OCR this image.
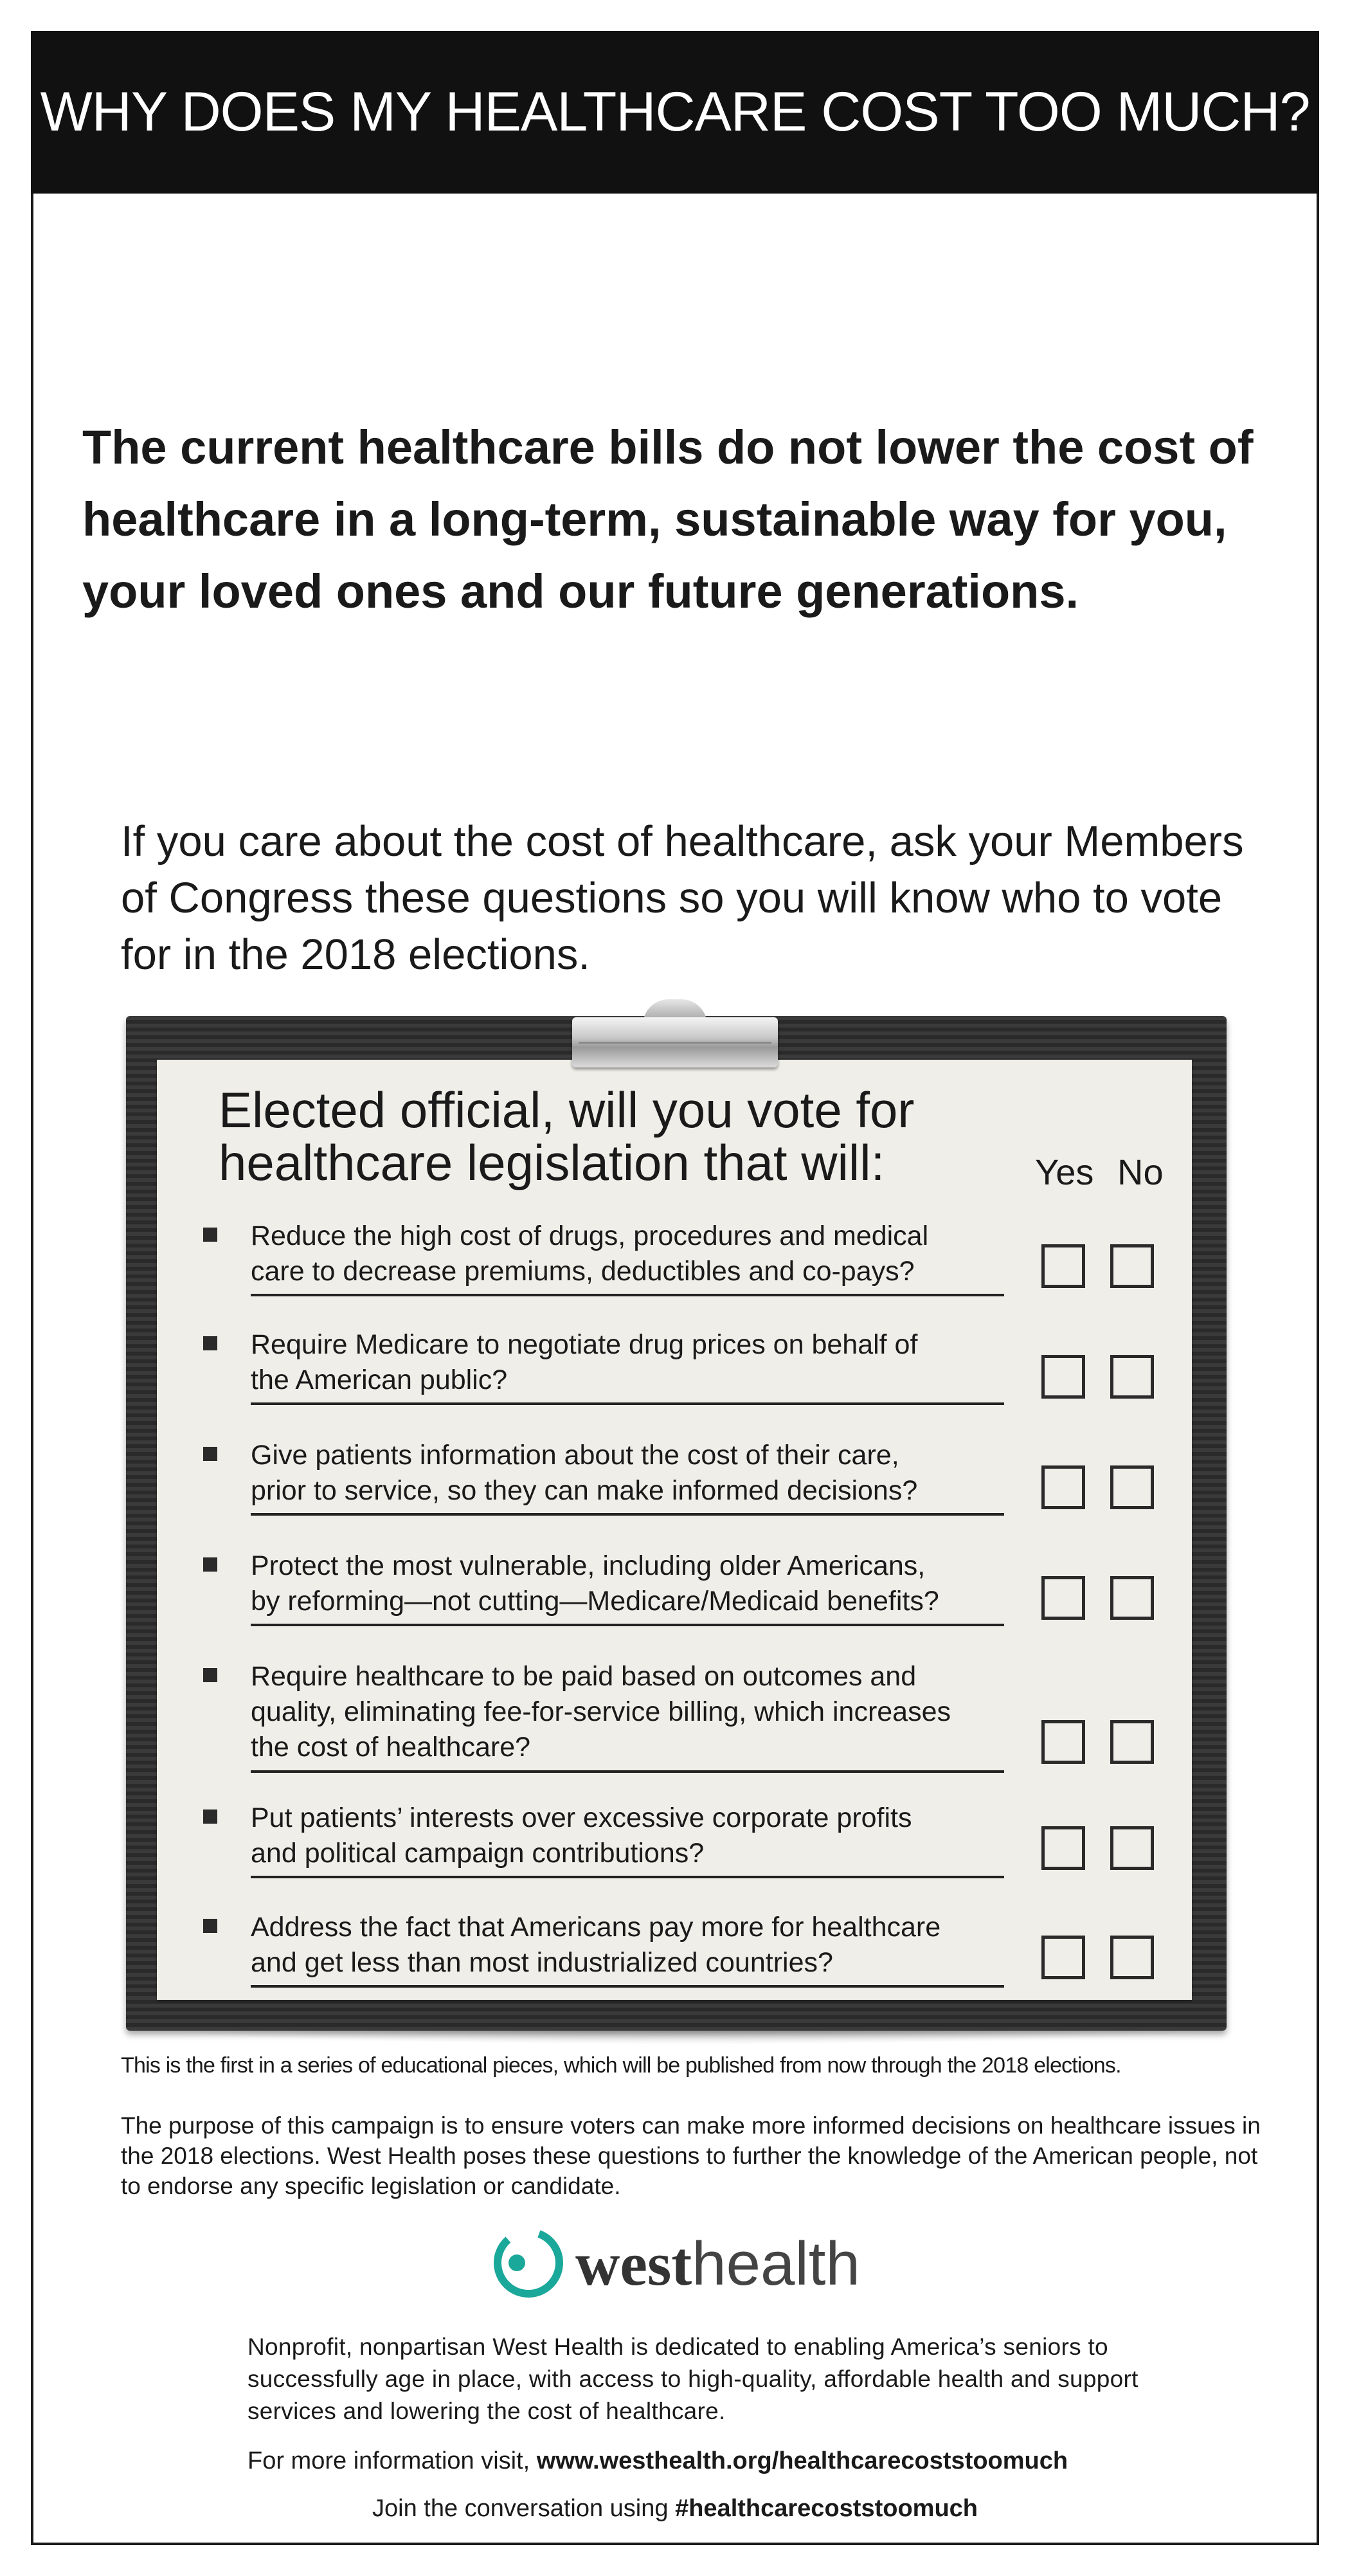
WHY DOES MY HEALTHCARE COST TOO MUCH?
The current healthcare bills do not lower the cost of healthcare in a long-term, sustainable way for you, your loved ones and our future generations.
If you care about the cost of healthcare, ask your Members of Congress these questions so you will know who to vote for in the 2018 elections.
Elected official, will you vote for
healthcare legislation that will:	Yes No
Reduce the high cost of drugs, procedures and medical
care to decrease premiums, deductibles and co-pays?
Require Medicare to negotiate drug prices on behalf of
the American public?
Give patients information about the cost of their care,
prior to service, so they can make informed decisions?
Protect the most vulnerable, including older Americans,
by reforming—not cutting—Medicare/Medicaid benefits?
Require healthcare to be paid based on outcomes and
quality, eliminating fee-for-service billing, which increases
the cost of healthcare?
Put patients’ interests over excessive corporate profits
and political campaign contributions?
Address the fact that Americans pay more for healthcare
and get less than most industrialized countries?
This is the first in a series of educational pieces, which will be published from now through the 2018 elections.
The purpose of this campaign is to ensure voters can make more informed decisions on healthcare issues in the 2018 elections. West Health poses these questions to further the knowledge of the American people, not to endorse any specific legislation or candidate.
westhealth
Nonprofit, nonpartisan West Health is dedicated to enabling America’s seniors to successfully age in place, with access to high-quality, affordable health and support services and lowering the cost of healthcare.
For more information visit, www.westhealth.org/healthcarecoststoomuch
Join the conversation using #healthcarecoststoomuch
